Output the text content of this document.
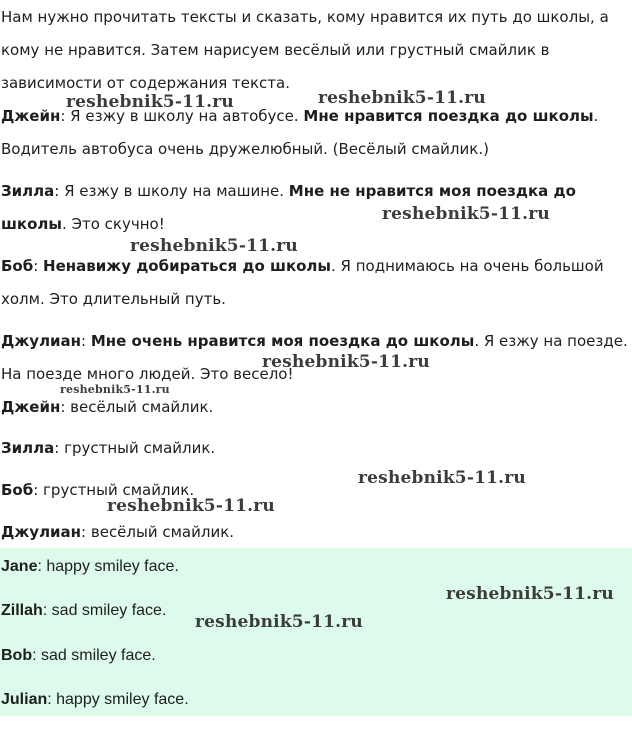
Нам нужно прочитать тексты и сказать, кому нравится их путь до школы, а кому не нравится. Затем нарисуем весёлый или грустный смайлик в зависимости от содержания текста.

Джейн: Я езжу в школу на автобусе. Мне нравится поездка до школы. Водитель автобуса очень дружелюбный. (Весёлый смайлик.)

Зилла: Я езжу в школу на машине. Мне не нравится моя поездка до школы. Это скучно!

Боб: Ненавижу добираться до школы. Я поднимаюсь на очень большой холм. Это длительный путь.

Джулиан: Мне очень нравится моя поездка до школы. Я езжу на поезде. На поезде много людей. Это весело!

Джейн: весёлый смайлик.

Зилла: грустный смайлик.

Боб: грустный смайлик.

Джулиан: весёлый смайлик.

Jane: happy smiley face.

Zillah: sad smiley face.

Bob: sad smiley face.

Julian: happy smiley face.

reshebnik5-11.ru	reshebnik5-11.ru
reshebnik5-11.ru
reshebnik5-11.ru
reshebnik5-11.ru
reshebnik5-11.ru
reshebnik5-11.ru
reshebnik5-11.ru
reshebnik5-11.ru
reshebnik5-11.ru
